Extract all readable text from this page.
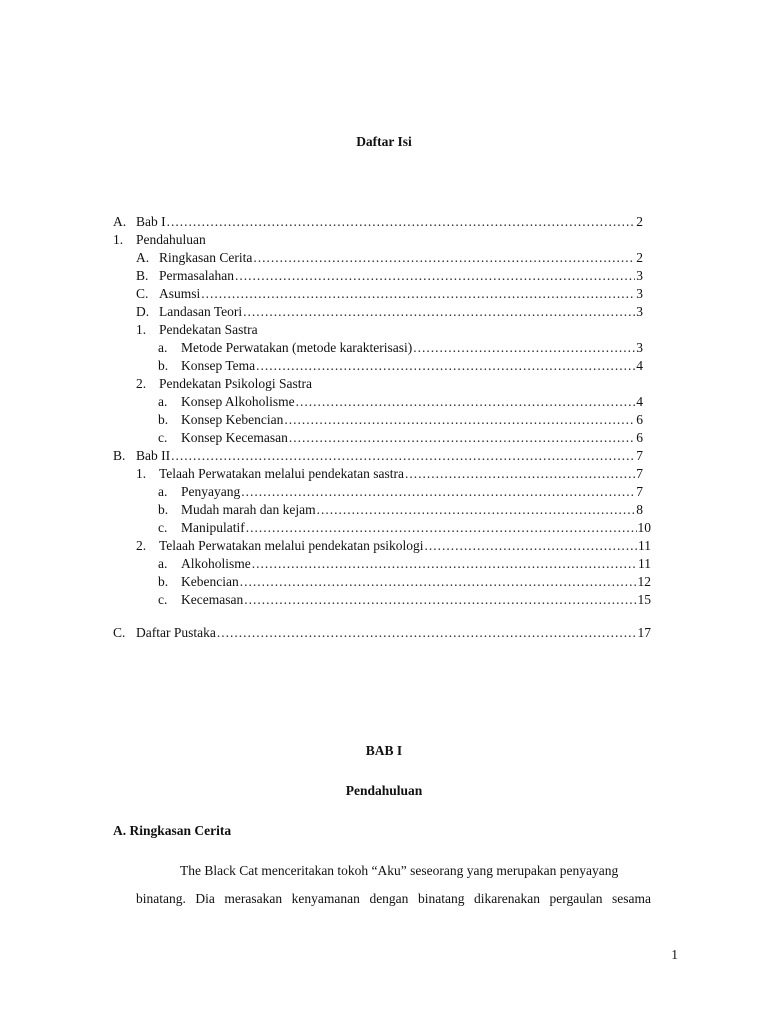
Daftar Isi
A. Bab I .....	2
1. Pendahuluan
A. Ringkasan Cerita .....	2
B. Permasalahan .....	3
C. Asumsi .....	3
D. Landasan Teori .....	3
1. Pendekatan Sastra
a.	Metode Perwatakan (metode karakterisasi) .....	3
b. Konsep Tema .....	4
2. Pendekatan Psikologi Sastra
a.	Konsep Alkoholisme .....	4
b. Konsep Kebencian .....	6
c.	Konsep Kecemasan .....	6
B. Bab II .....	7
1. Telaah Perwatakan melalui pendekatan sastra .....	7
a.	Penyayang .....	7
b. Mudah marah dan kejam .....	8
c.	Manipulatif .....	10
2. Telaah Perwatakan melalui pendekatan psikologi .....	11
a.	Alkoholisme .....	11
b. Kebencian .....	12
c.	Kecemasan .....	15
C. Daftar Pustaka .....	17
BAB I
Pendahuluan
A. Ringkasan Cerita
The Black Cat menceritakan tokoh “Aku” seseorang yang merupakan penyayang
binatang. Dia merasakan kenyamanan dengan binatang dikarenakan pergaulan sesama
1
